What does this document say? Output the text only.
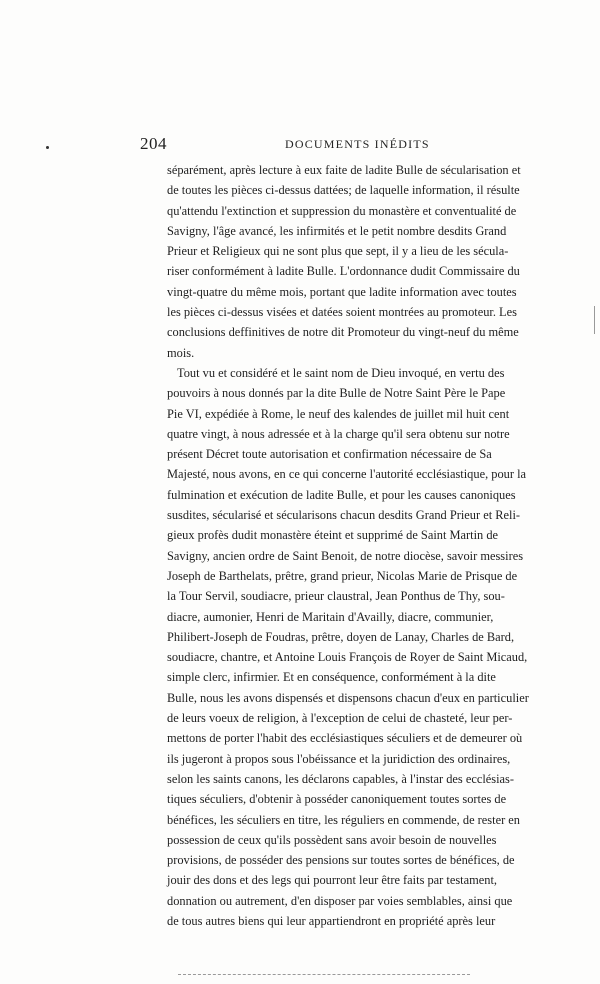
204	DOCUMENTS INÉDITS
séparément, après lecture à eux faite de ladite Bulle de sécularisation et
de toutes les pièces ci-dessus dattées; de laquelle information, il résulte
qu'attendu l'extinction et suppression du monastère et conventualité de
Savigny, l'âge avancé, les infirmités et le petit nombre desdits Grand
Prieur et Religieux qui ne sont plus que sept, il y a lieu de les sécula-
riser conformément à ladite Bulle. L'ordonnance dudit Commissaire du
vingt-quatre du même mois, portant que ladite information avec toutes
les pièces ci-dessus visées et datées soient montrées au promoteur. Les
conclusions deffinitives de notre dit Promoteur du vingt-neuf du même
mois.
Tout vu et considéré et le saint nom de Dieu invoqué, en vertu des
pouvoirs à nous donnés par la dite Bulle de Notre Saint Père le Pape
Pie VI, expédiée à Rome, le neuf des kalendes de juillet mil huit cent
quatre vingt, à nous adressée et à la charge qu'il sera obtenu sur notre
présent Décret toute autorisation et confirmation nécessaire de Sa
Majesté, nous avons, en ce qui concerne l'autorité ecclésiastique, pour la
fulmination et exécution de ladite Bulle, et pour les causes canoniques
susdites, sécularisé et sécularisons chacun desdits Grand Prieur et Reli-
gieux profès dudit monastère éteint et supprimé de Saint Martin de
Savigny, ancien ordre de Saint Benoit, de notre diocèse, savoir messires
Joseph de Barthelats, prêtre, grand prieur, Nicolas Marie de Prisque de
la Tour Servil, soudiacre, prieur claustral, Jean Ponthus de Thy, sou-
diacre, aumonier, Henri de Maritain d'Availly, diacre, communier,
Philibert-Joseph de Foudras, prêtre, doyen de Lanay, Charles de Bard,
soudiacre, chantre, et Antoine Louis François de Royer de Saint Micaud,
simple clerc, infirmier. Et en conséquence, conformément à la dite
Bulle, nous les avons dispensés et dispensons chacun d'eux en particulier
de leurs voeux de religion, à l'exception de celui de chasteté, leur per-
mettons de porter l'habit des ecclésiastiques séculiers et de demeurer où
ils jugeront à propos sous l'obéissance et la juridiction des ordinaires,
selon les saints canons, les déclarons capables, à l'instar des ecclésias-
tiques séculiers, d'obtenir à posséder canoniquement toutes sortes de
bénéfices, les séculiers en titre, les réguliers en commende, de rester en
possession de ceux qu'ils possèdent sans avoir besoin de nouvelles
provisions, de posséder des pensions sur toutes sortes de bénéfices, de
jouir des dons et des legs qui pourront leur être faits par testament,
donnation ou autrement, d'en disposer par voies semblables, ainsi que
de tous autres biens qui leur appartiendront en propriété après leur
